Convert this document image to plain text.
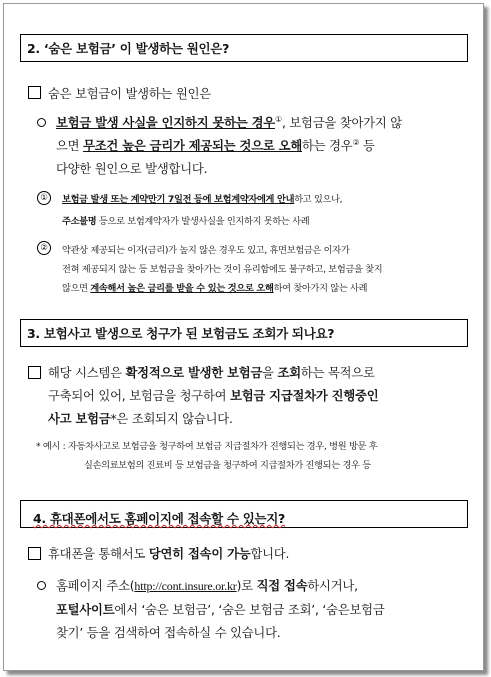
2. ‘숨은 보험금’ 이 발생하는 원인은?
숨은 보험금이 발생하는 원인은
보험금 발생 사실을 인지하지 못하는 경우①, 보험금을 찾아가지 않
으면 무조건 높은 금리가 제공되는 것으로 오해하는 경우② 등
다양한 원인으로 발생합니다.
①	보험금 발생 또는 계약만기 7일전 등에 보험계약자에게 안내하고 있으나,
주소불명 등으로 보험계약자가 발생사실을 인지하지 못하는 사례
②	약관상 제공되는 이자(금리)가 높지 않은 경우도 있고, 휴면보험금은 이자가
전혀 제공되지 않는 등 보험금을 찾아가는 것이 유리함에도 불구하고, 보험금을 찾지
않으면 계속해서 높은 금리를 받을 수 있는 것으로 오해하여 찾아가지 않는 사례
3. 보험사고 발생으로 청구가 된 보험금도 조회가 되나요?
해당 시스템은 확정적으로 발생한 보험금을 조회하는 목적으로
구축되어 있어, 보험금을 청구하여 보험금 지급절차가 진행중인
사고 보험금*은 조회되지 않습니다.
* 예시 : 자동차사고로 보험금을 청구하여 보험금 지급절차가 진행되는 경우, 병원 방문 후
실손의료보험의 진료비 등 보험금을 청구하여 지급절차가 진행되는 경우 등
4. 휴대폰에서도 홈페이지에 접속할 수 있는지?
휴대폰을 통해서도 당연히 접속이 가능합니다.
홈페이지 주소(http://cont.insure.or.kr)로 직접 접속하시거나,
포털사이트에서 ‘숨은 보험금’, ‘숨은 보험금 조회’, ‘숨은보험금
찾기’ 등을 검색하여 접속하실 수 있습니다.
